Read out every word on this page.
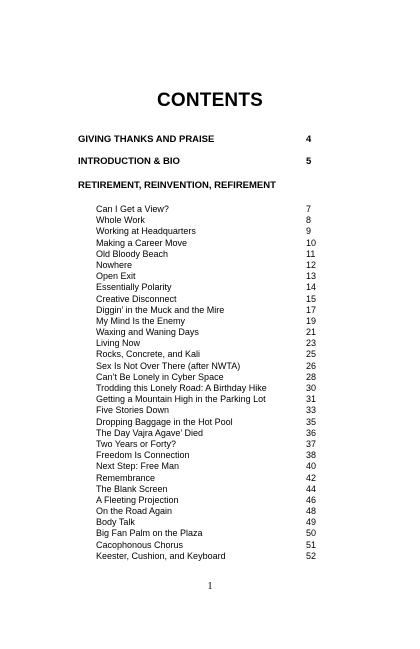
CONTENTS
GIVING THANKS AND PRAISE	4
INTRODUCTION & BIO	5
RETIREMENT, REINVENTION, REFIREMENT
Can I Get a View?	7
Whole Work	8
Working at Headquarters	9
Making a Career Move	10
Old Bloody Beach	11
Nowhere	12
Open Exit	13
Essentially Polarity	14
Creative Disconnect	15
Diggin’ in the Muck and the Mire	17
My Mind Is the Enemy	19
Waxing and Waning Days	21
Living Now	23
Rocks, Concrete, and Kali	25
Sex Is Not Over There (after NWTA)	26
Can’t Be Lonely in Cyber Space	28
Trodding this Lonely Road: A Birthday Hike	30
Getting a Mountain High in the Parking Lot	31
Five Stories Down	33
Dropping Baggage in the Hot Pool	35
The Day Vajra Agave’ Died	36
Two Years or Forty?	37
Freedom Is Connection	38
Next Step: Free Man	40
Remembrance	42
The Blank Screen	44
A Fleeting Projection	46
On the Road Again	48
Body Talk	49
Big Fan Palm on the Plaza	50
Cacophonous Chorus	51
Keester, Cushion, and Keyboard	52
1
